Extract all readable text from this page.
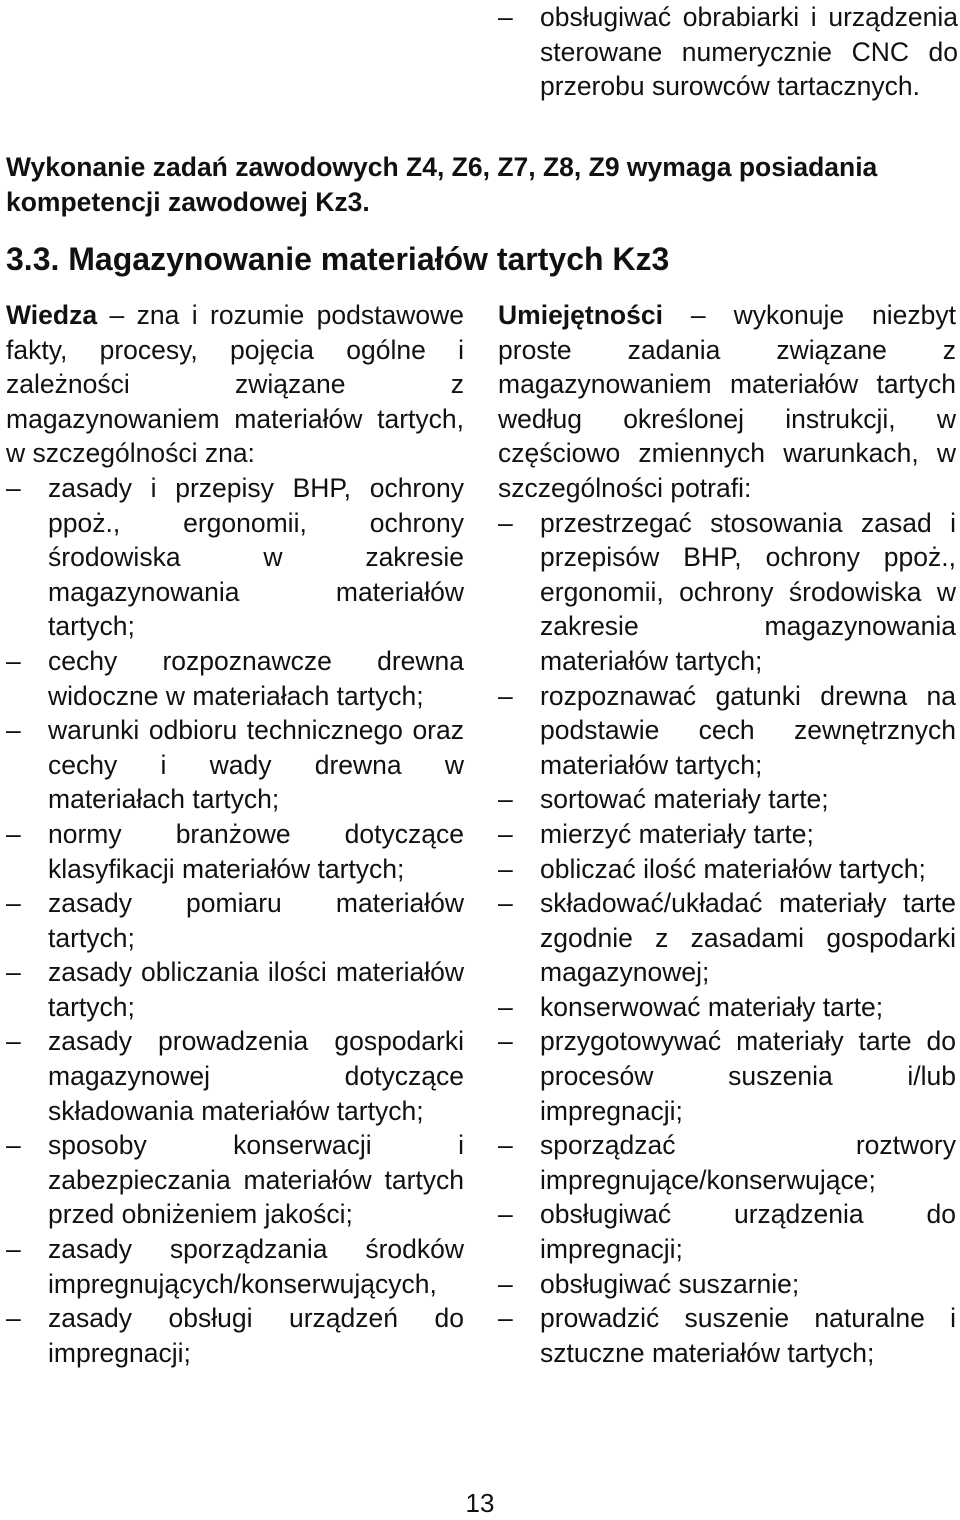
–	obsługiwać obrabiarki i urządzenia sterowane numerycznie CNC do przerobu surowców tartacznych.
Wykonanie zadań zawodowych Z4, Z6, Z7, Z8, Z9 wymaga posiadania kompetencji zawodowej Kz3.
3.3. Magazynowanie materiałów tartych Kz3
Wiedza – zna i rozumie podstawowe fakty, procesy, pojęcia ogólne i zależności związane z magazynowaniem materiałów tartych, w szczególności zna:
–	zasady i przepisy BHP, ochrony ppoż., ergonomii, ochrony środowiska w zakresie magazynowania materiałów tartych;
–	cechy rozpoznawcze drewna widoczne w materiałach tartych;
–	warunki odbioru technicznego oraz cechy i wady drewna w materiałach tartych;
–	normy branżowe dotyczące klasyfikacji materiałów tartych;
–	zasady pomiaru materiałów tartych;
–	zasady obliczania ilości materiałów tartych;
–	zasady prowadzenia gospodarki magazynowej dotyczące składowania materiałów tartych;
–	sposoby konserwacji i zabezpieczania materiałów tartych przed obniżeniem jakości;
–	zasady sporządzania środków impregnujących/konserwujących,
–	zasady obsługi urządzeń do impregnacji;
Umiejętności – wykonuje niezbyt proste zadania związane z magazynowaniem materiałów tartych według określonej instrukcji, w częściowo zmiennych warunkach, w szczególności potrafi:
–	przestrzegać stosowania zasad i przepisów BHP, ochrony ppoż., ergonomii, ochrony środowiska w zakresie magazynowania materiałów tartych;
–	rozpoznawać gatunki drewna na podstawie cech zewnętrznych materiałów tartych;
–	sortować materiały tarte;
–	mierzyć materiały tarte;
–	obliczać ilość materiałów tartych;
–	składować/układać materiały tarte zgodnie z zasadami gospodarki magazynowej;
–	konserwować materiały tarte;
–	przygotowywać materiały tarte do procesów suszenia i/lub impregnacji;
–	sporządzać roztwory impregnujące/konserwujące;
–	obsługiwać urządzenia do impregnacji;
–	obsługiwać suszarnie;
–	prowadzić suszenie naturalne i sztuczne materiałów tartych;
13
